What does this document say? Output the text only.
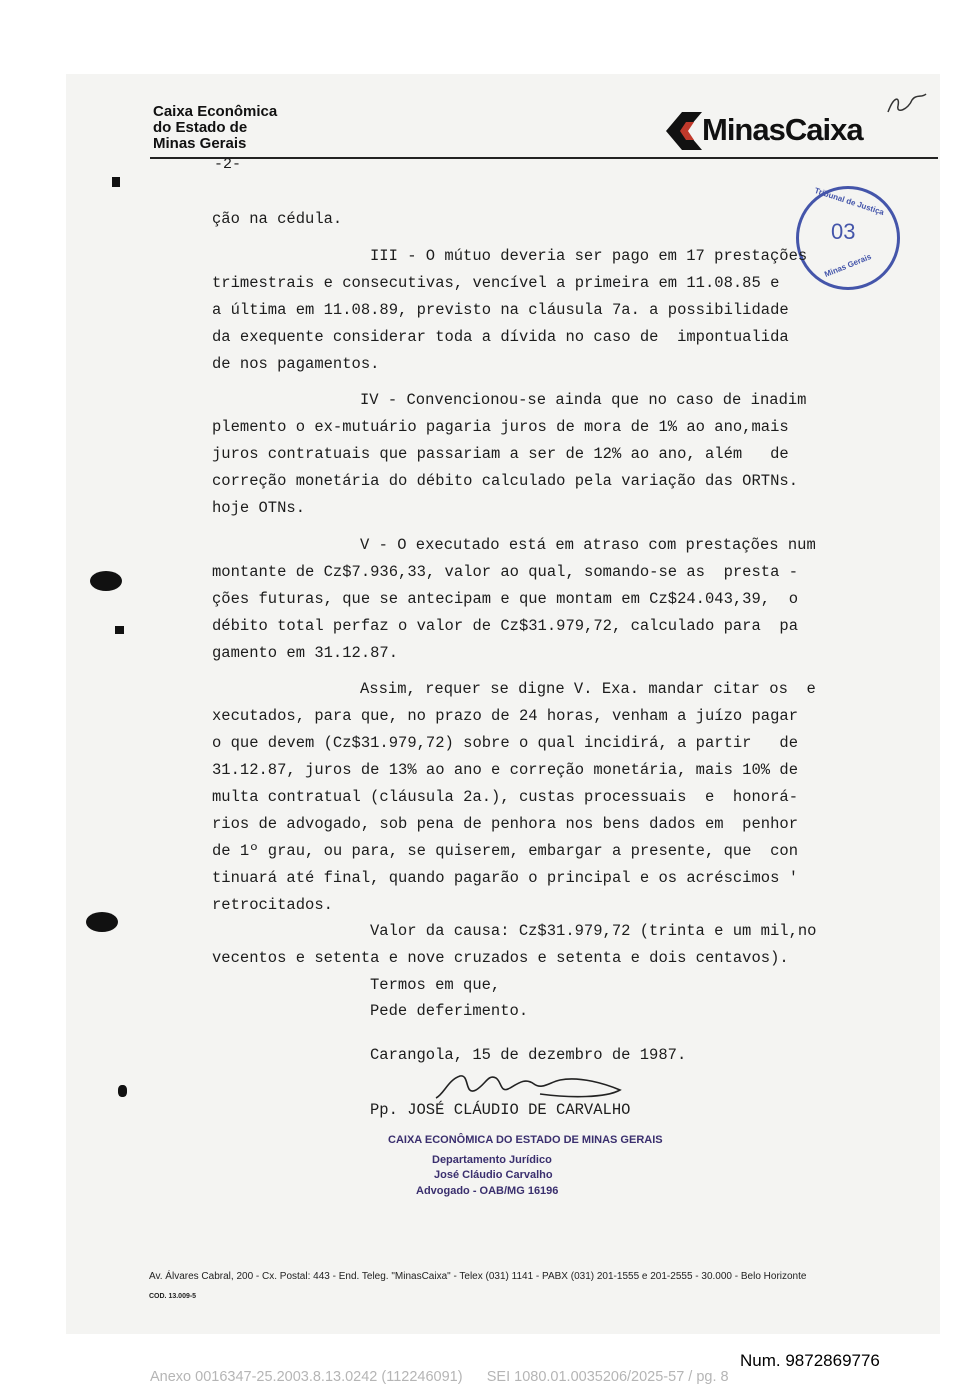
Caixa Econômica
do Estado de
Minas Gerais	MinasCaixa
-2-
Tribunal de Justiça
03
Minas Gerais
ção na cédula.
III - O mútuo deveria ser pago em 17 prestações
trimestrais e consecutivas, vencível a primeira em 11.08.85 e
a última em 11.08.89, previsto na cláusula 7a. a possibilidade
da exequente considerar toda a dívida no caso de  impontualida
de nos pagamentos.
IV - Convencionou-se ainda que no caso de inadim
plemento o ex-mutuário pagaria juros de mora de 1% ao ano,mais
juros contratuais que passariam a ser de 12% ao ano, além   de
correção monetária do débito calculado pela variação das ORTNs.
hoje OTNs.
V - O executado está em atraso com prestações num
montante de Cz$7.936,33, valor ao qual, somando-se as  presta -
ções futuras, que se antecipam e que montam em Cz$24.043,39,  o
débito total perfaz o valor de Cz$31.979,72, calculado para  pa
gamento em 31.12.87.
Assim, requer se digne V. Exa. mandar citar os  e
xecutados, para que, no prazo de 24 horas, venham a juízo pagar
o que devem (Cz$31.979,72) sobre o qual incidirá, a partir   de
31.12.87, juros de 13% ao ano e correção monetária, mais 10% de
multa contratual (cláusula 2a.), custas processuais  e  honorá-
rios de advogado, sob pena de penhora nos bens dados em  penhor
de 1º grau, ou para, se quiserem, embargar a presente, que  con
tinuará até final, quando pagarão o principal e os acréscimos '
retrocitados.
Valor da causa: Cz$31.979,72 (trinta e um mil,no
vecentos e setenta e nove cruzados e setenta e dois centavos).
Termos em que,
Pede deferimento.
Carangola, 15 de dezembro de 1987.
Pp. JOSÉ CLÁUDIO DE CARVALHO
CAIXA ECONÔMICA DO ESTADO DE MINAS GERAIS
Departamento Jurídico
José Cláudio Carvalho
Advogado - OAB/MG 16196
Av. Álvares Cabral, 200 - Cx. Postal: 443 - End. Teleg. "MinasCaixa" - Telex (031) 1141 - PABX (031) 201-1555 e 201-2555 - 30.000 - Belo Horizonte
COD. 13.009-5
Num. 9872869776
Anexo 0016347-25.2003.8.13.0242 (112246091)      SEI 1080.01.0035206/2025-57 / pg. 8
